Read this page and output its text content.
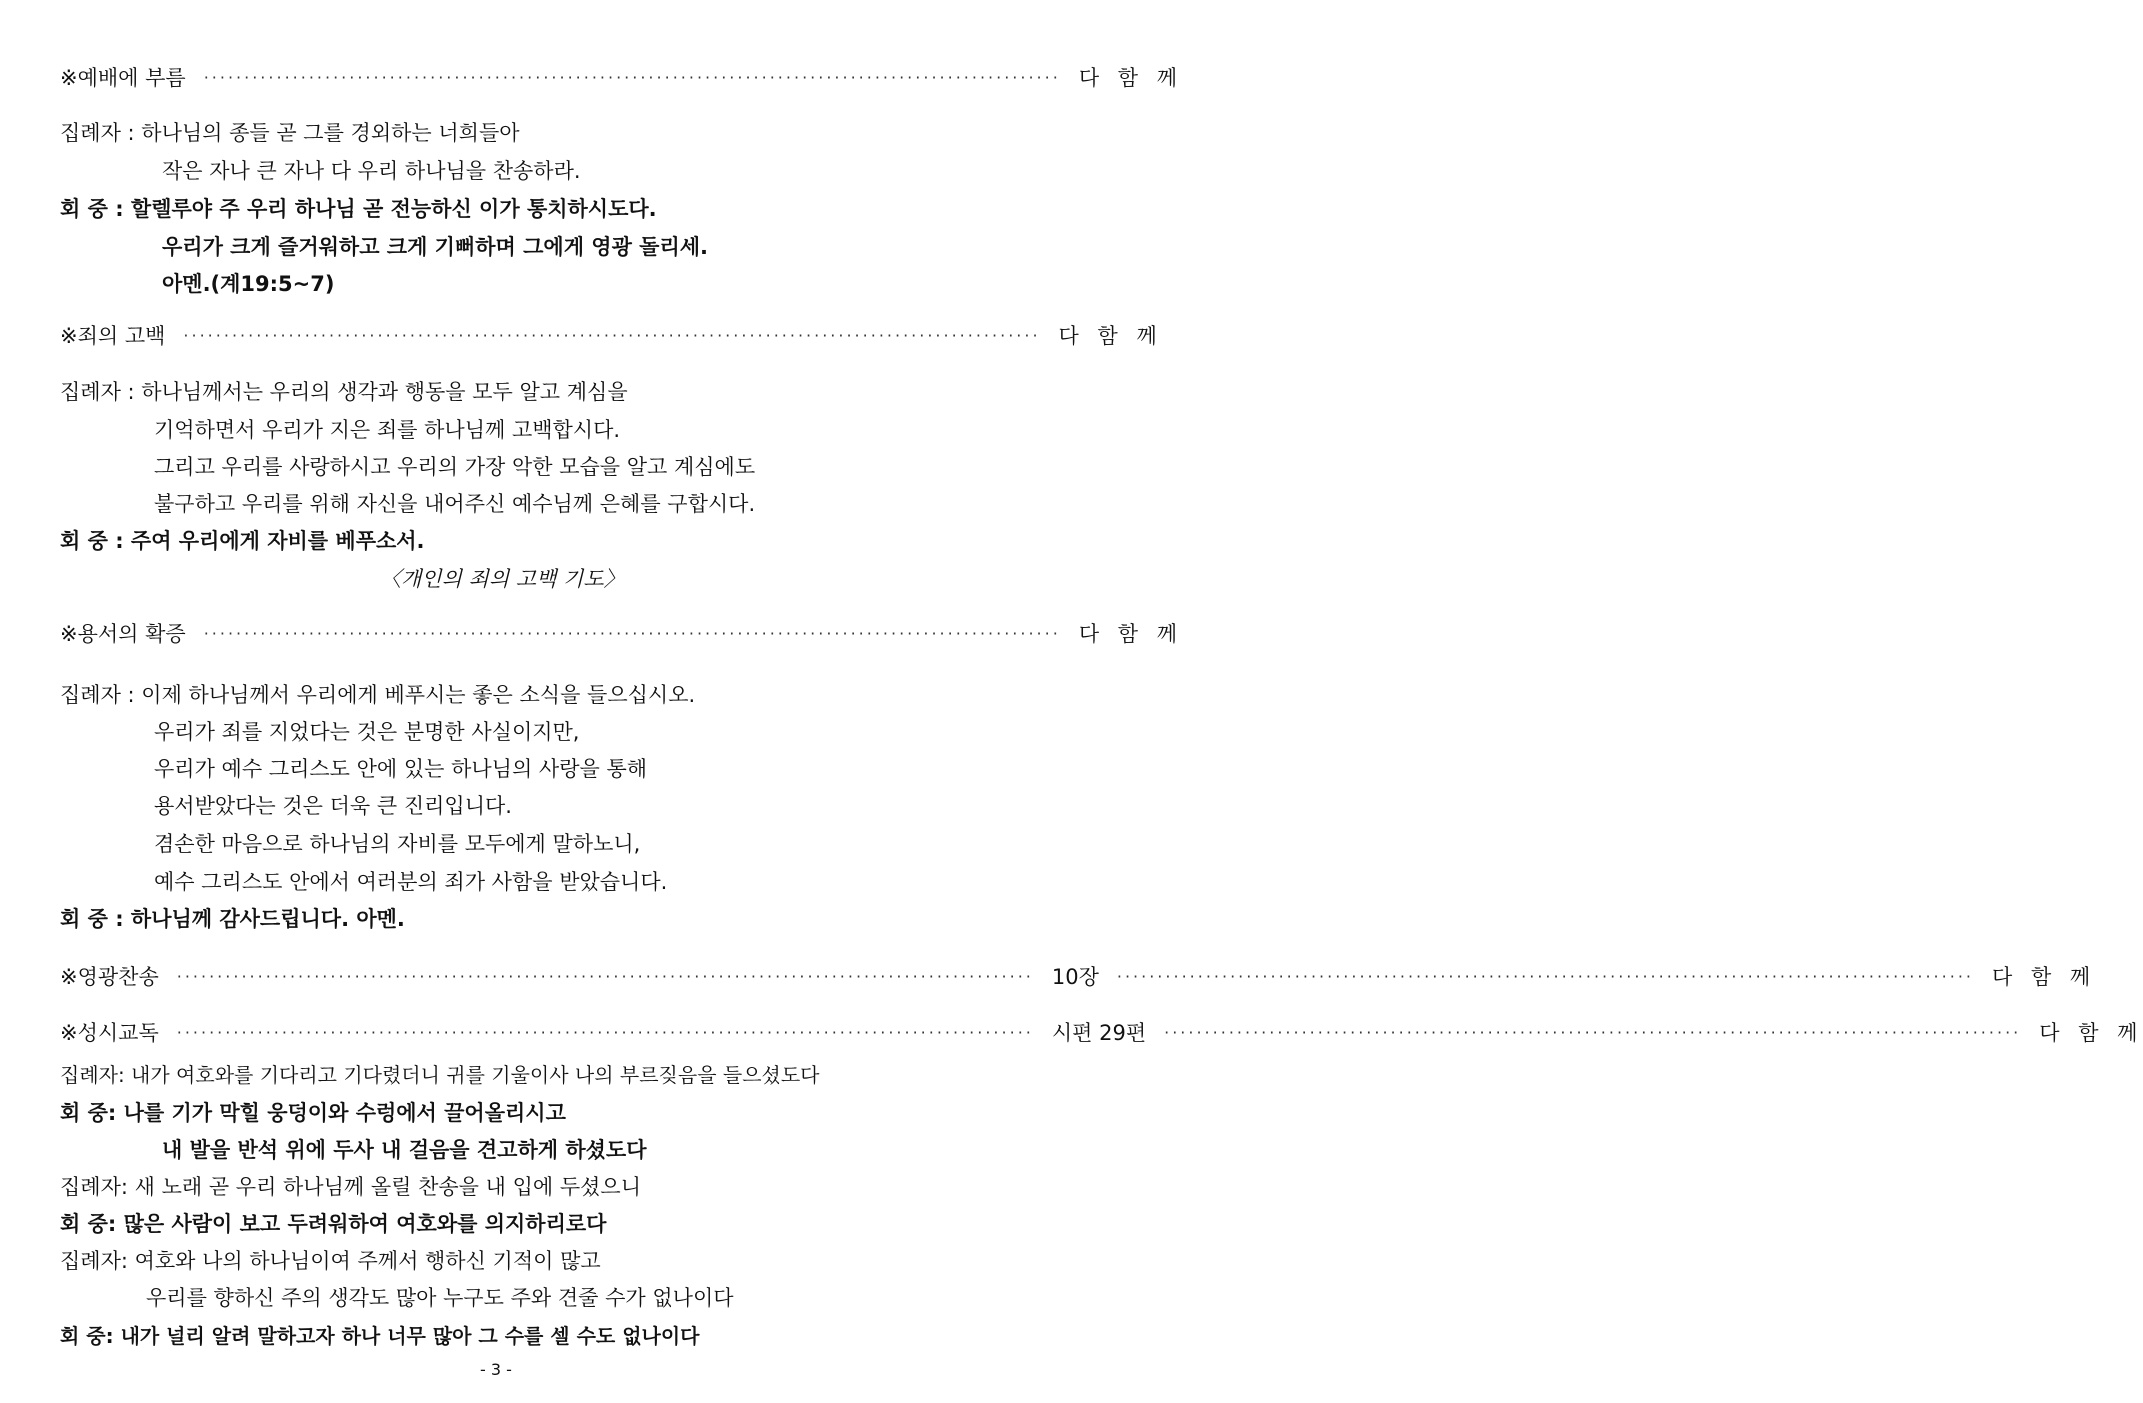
※예배에 부름 ·········································································································· 다 함 께
집례자 : 하나님의 종들 곧 그를 경외하는 너희들아
작은 자나 큰 자나 다 우리 하나님을 찬송하라.
회 중 : 할렐루야 주 우리 하나님 곧 전능하신 이가 통치하시도다.
우리가 크게 즐거워하고 크게 기뻐하며 그에게 영광 돌리세.
아멘.(계19:5~7)
※죄의 고백 ·········································································································· 다 함 께
집례자 : 하나님께서는 우리의 생각과 행동을 모두 알고 계심을
기억하면서 우리가 지은 죄를 하나님께 고백합시다.
그리고 우리를 사랑하시고 우리의 가장 악한 모습을 알고 계심에도
불구하고 우리를 위해 자신을 내어주신 예수님께 은혜를 구합시다.
회 중 : 주여 우리에게 자비를 베푸소서.
〈개인의 죄의 고백 기도〉
※용서의 확증 ·········································································································· 다 함 께
집례자 : 이제 하나님께서 우리에게 베푸시는 좋은 소식을 들으십시오.
우리가 죄를 지었다는 것은 분명한 사실이지만,
우리가 예수 그리스도 안에 있는 하나님의 사랑을 통해
용서받았다는 것은 더욱 큰 진리입니다.
겸손한 마음으로 하나님의 자비를 모두에게 말하노니,
예수 그리스도 안에서 여러분의 죄가 사함을 받았습니다.
회 중 : 하나님께 감사드립니다. 아멘.
※영광찬송 ·········································································································· 10장 ·········································································································· 다 함 께
※성시교독 ·········································································································· 시편 29편 ·········································································································· 다 함 께
집례자: 내가 여호와를 기다리고 기다렸더니 귀를 기울이사 나의 부르짖음을 들으셨도다
회 중: 나를 기가 막힐 웅덩이와 수렁에서 끌어올리시고
내 발을 반석 위에 두사 내 걸음을 견고하게 하셨도다
집례자: 새 노래 곧 우리 하나님께 올릴 찬송을 내 입에 두셨으니
회 중: 많은 사람이 보고 두려워하여 여호와를 의지하리로다
집례자: 여호와 나의 하나님이여 주께서 행하신 기적이 많고
우리를 향하신 주의 생각도 많아 누구도 주와 견줄 수가 없나이다
회 중: 내가 널리 알려 말하고자 하나 너무 많아 그 수를 셀 수도 없나이다
- 3 -
